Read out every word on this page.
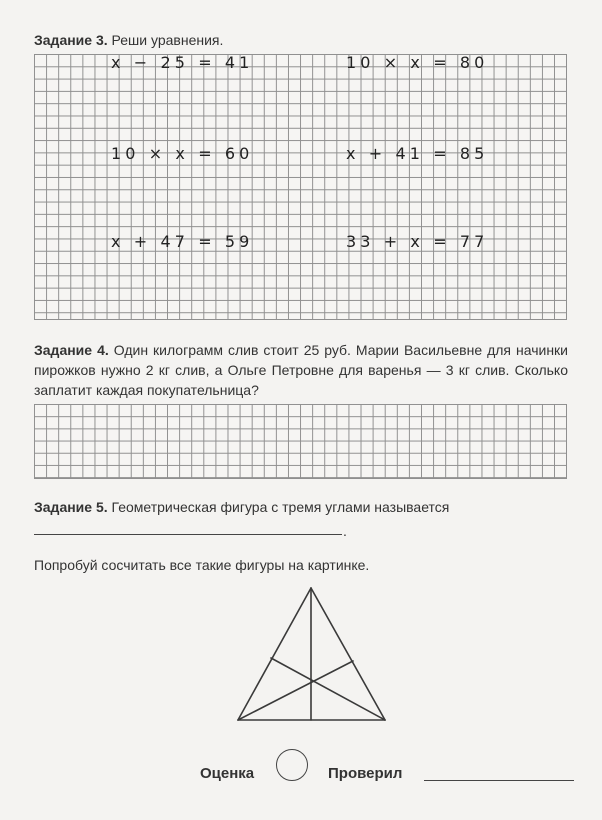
Задание 3. Реши уравнения.
x − 25 = 41	10 × x = 80
10 × x = 60	x + 41 = 85
x + 47 = 59	33 + x = 77
Задание 4. Один килограмм слив стоит 25 руб. Марии Васильевне для начинки пирожков нужно 2 кг слив, а Ольге Петровне для варенья — 3 кг слив. Сколько заплатит каждая покупательница?
Задание 5. Геометрическая фигура с тремя углами называется
.
Попробуй сосчитать все такие фигуры на картинке.
Оценка	Проверил
